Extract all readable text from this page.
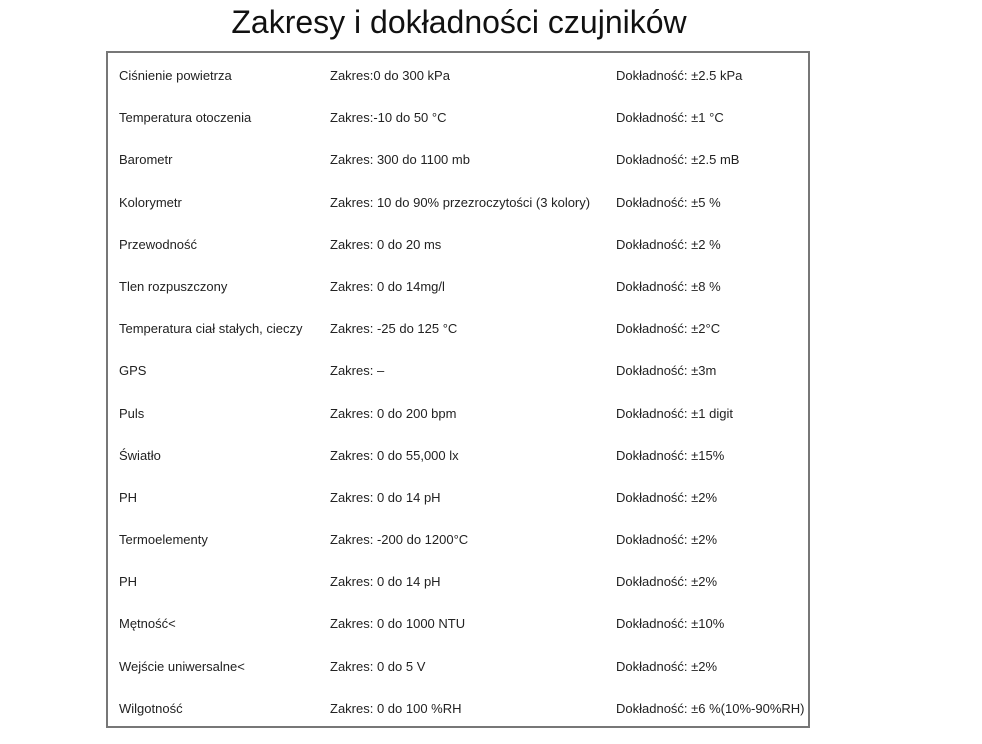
Zakresy i dokładności czujników
Ciśnienie powietrza	Zakres:0 do 300 kPa	Dokładność: ±2.5 kPa
Temperatura otoczenia	Zakres:-10 do 50 °C	Dokładność: ±1 °C
Barometr	Zakres: 300 do 1100 mb	Dokładność: ±2.5 mB
Kolorymetr	Zakres: 10 do 90% przezroczytości (3 kolory) Dokładność: ±5 %
Przewodność	Zakres: 0 do 20 ms	Dokładność: ±2 %
Tlen rozpuszczony	Zakres: 0 do 14mg/l	Dokładność: ±8 %
Temperatura ciał stałych, cieczy Zakres: -25 do 125 °C	Dokładność: ±2°C
GPS	Zakres: –	Dokładność: ±3m
Puls	Zakres: 0 do 200 bpm	Dokładność: ±1 digit
Światło	Zakres: 0 do 55,000 lx	Dokładność: ±15%
PH	Zakres: 0 do 14 pH	Dokładność: ±2%
Termoelementy	Zakres: -200 do 1200°C	Dokładność: ±2%
PH	Zakres: 0 do 14 pH	Dokładność: ±2%
Mętność<	Zakres: 0 do 1000 NTU	Dokładność: ±10%
Wejście uniwersalne<	Zakres: 0 do 5 V	Dokładność: ±2%
Wilgotność	Zakres: 0 do 100 %RH	Dokładność: ±6 %(10%-90%RH)
